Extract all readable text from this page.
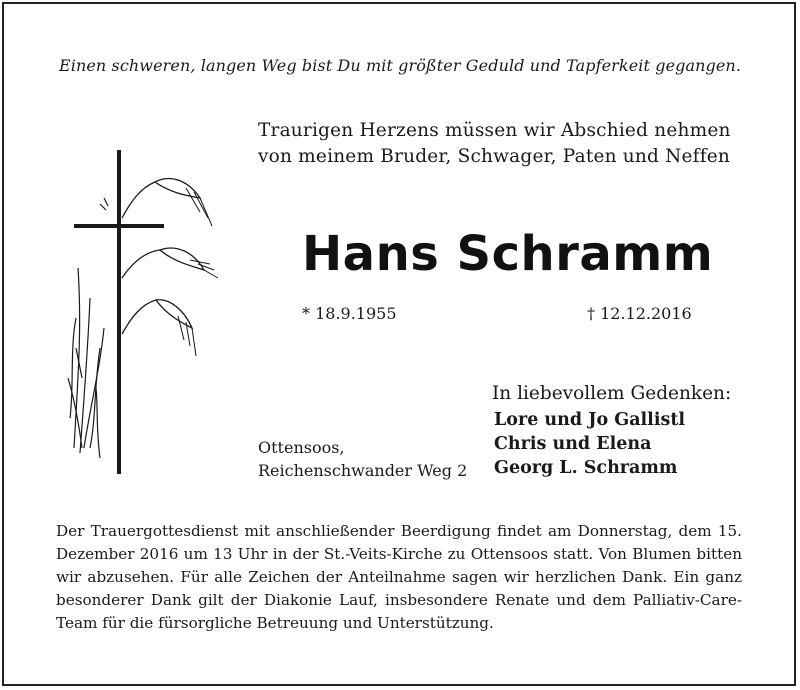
Einen schweren, langen Weg bist Du mit größter Geduld und Tapferkeit gegangen.
Traurigen Herzens müssen wir Abschied nehmen
von meinem Bruder, Schwager, Paten und Neffen
Hans Schramm
* 18.9.1955	† 12.12.2016
In liebevollem Gedenken:
Lore und Jo Gallistl
Chris und Elena
Georg L. Schramm
Ottensoos,
Reichenschwander Weg 2
Der Trauergottesdienst mit anschließender Beerdigung findet am Donnerstag, dem 15. Dezember 2016 um 13 Uhr in der St.-Veits-Kirche zu Ottensoos statt. Von Blumen bitten wir abzusehen. Für alle Zeichen der Anteilnahme sagen wir herzlichen Dank. Ein ganz besonderer Dank gilt der Diakonie Lauf, insbesondere Renate und dem Palliativ-Care-Team für die fürsorgliche Betreuung und Unterstützung.
